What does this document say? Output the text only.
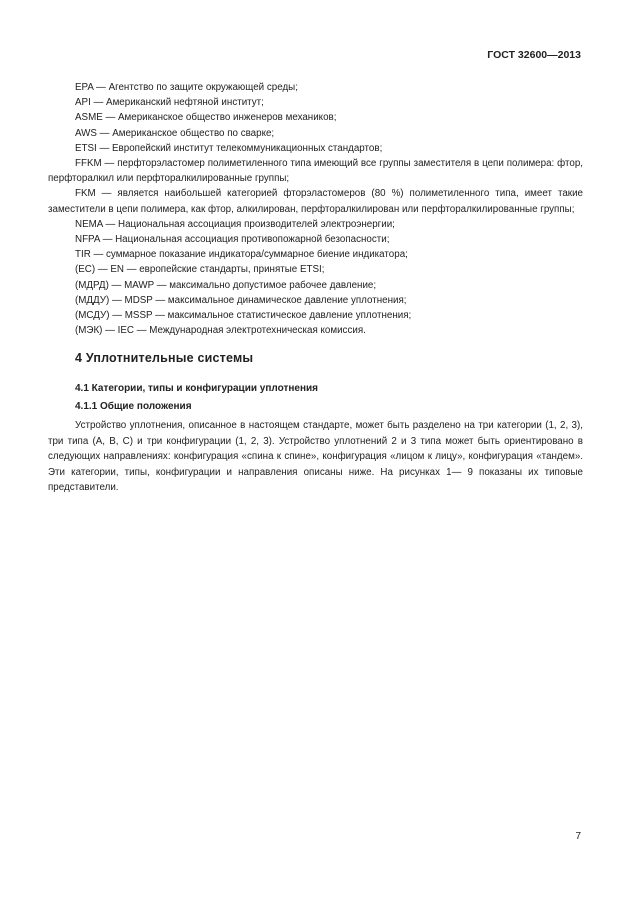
ГОСТ 32600—2013

EPA — Агентство по защите окружающей среды;

API — Американский нефтяной институт;

ASME — Американское общество инженеров механиков;

AWS — Американское общество по сварке;

ETSI — Европейский институт телекоммуникационных стандартов;

FFKM — перфторэластомер полиметиленного типа имеющий все группы заместителя в цепи полимера: фтор, перфторалкил или перфторалкилированные группы;

FKM — является наибольшей категорией фторэластомеров (80 %) полиметиленного типа, имеет такие заместители в цепи полимера, как фтор, алкилирован, перфторалкилирован или перфторалкилированные группы;

NEMA — Национальная ассоциация производителей электроэнергии;

NFPA — Национальная ассоциация противопожарной безопасности;

TIR — суммарное показание индикатора/суммарное биение индикатора;

(ЕС) — EN — европейские стандарты, принятые ETSI;

(МДРД) — MAWP — максимально допустимое рабочее давление;

(МДДУ) — MDSP — максимальное динамическое давление уплотнения;

(МСДУ) — MSSP — максимальное статистическое давление уплотнения;

(МЭК) — IEC — Международная электротехническая комиссия.

4 Уплотнительные системы
4.1 Категории, типы и конфигурации уплотнения
4.1.1 Общие положения

Устройство уплотнения, описанное в настоящем стандарте, может быть разделено на три категории (1, 2, 3), три типа (А, В, С) и три конфигурации (1, 2, 3). Устройство уплотнений 2 и 3 типа может быть ориентировано в следующих направлениях: конфигурация «спина к спине», конфигурация «лицом к лицу», конфигурация «тандем». Эти категории, типы, конфигурации и направления описаны ниже. На рисунках 1— 9 показаны их типовые представители.

7
